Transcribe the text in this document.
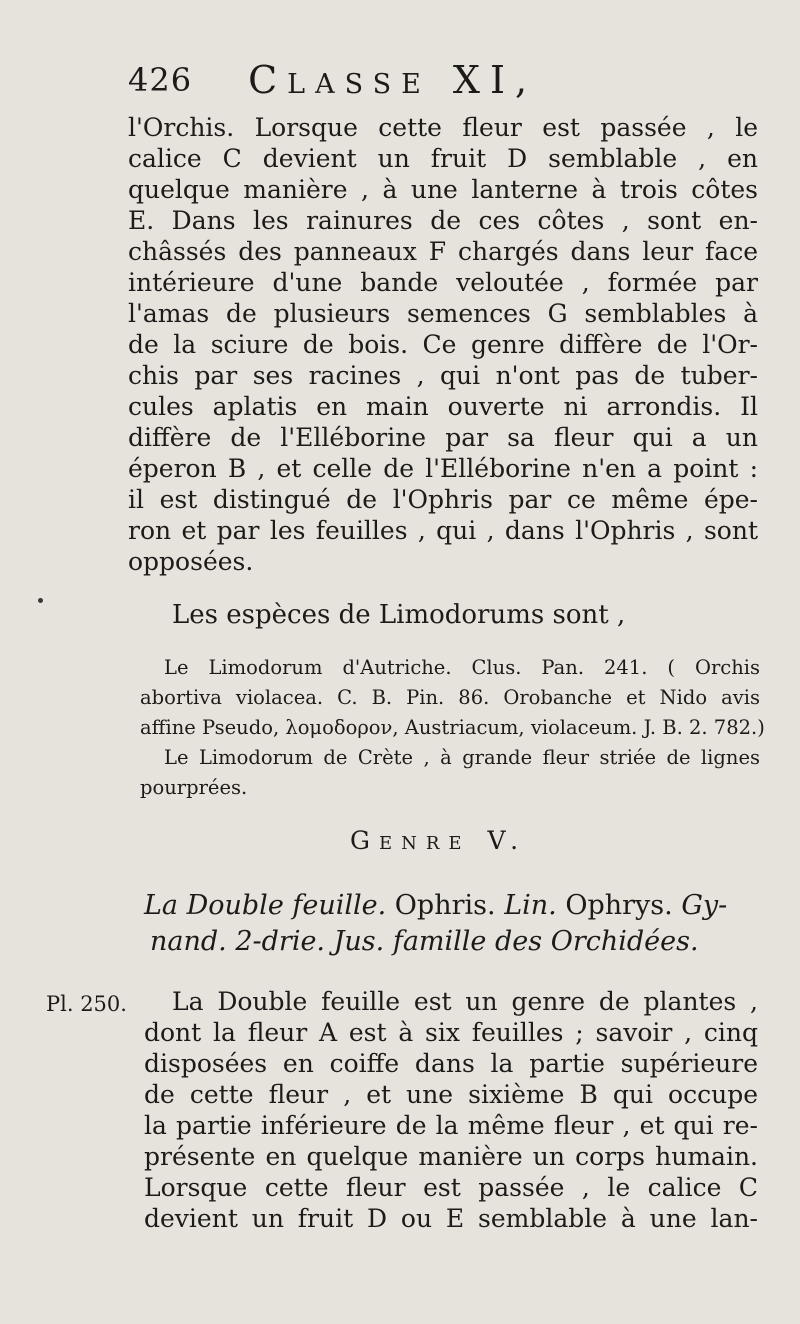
426 Classe XI,
l'Orchis. Lorsque cette fleur est passée , le
calice C devient un fruit D semblable , en
quelque manière , à une lanterne à trois côtes
E. Dans les rainures de ces côtes , sont en-
châssés des panneaux F chargés dans leur face
intérieure d'une bande veloutée , formée par
l'amas de plusieurs semences G semblables à
de la sciure de bois. Ce genre diffère de l'Or-
chis par ses racines , qui n'ont pas de tuber-
cules aplatis en main ouverte ni arrondis. Il
diffère de l'Elléborine par sa fleur qui a un
éperon B , et celle de l'Elléborine n'en a point :
il est distingué de l'Ophris par ce même épe-
ron et par les feuilles , qui , dans l'Ophris , sont
opposées.
Les espèces de Limodorums sont ,
Le Limodorum d'Autriche. Clus. Pan. 241. ( Orchis
abortiva violacea. C. B. Pin. 86. Orobanche et Nido avis
affine Pseudo, λομοδορον, Austriacum, violaceum. J. B. 2. 782.)
Le Limodorum de Crète , à grande fleur striée de lignes
pourprées.
Genre V.
La Double feuille. Ophris. Lin. Ophrys. Gy-
nand. 2-drie. Jus. famille des Orchidées.
Pl. 250.	La Double feuille est un genre de plantes ,
dont la fleur A est à six feuilles ; savoir , cinq
disposées en coiffe dans la partie supérieure
de cette fleur , et une sixième B qui occupe
la partie inférieure de la même fleur , et qui re-
présente en quelque manière un corps humain.
Lorsque cette fleur est passée , le calice C
devient un fruit D ou E semblable à une lan-
